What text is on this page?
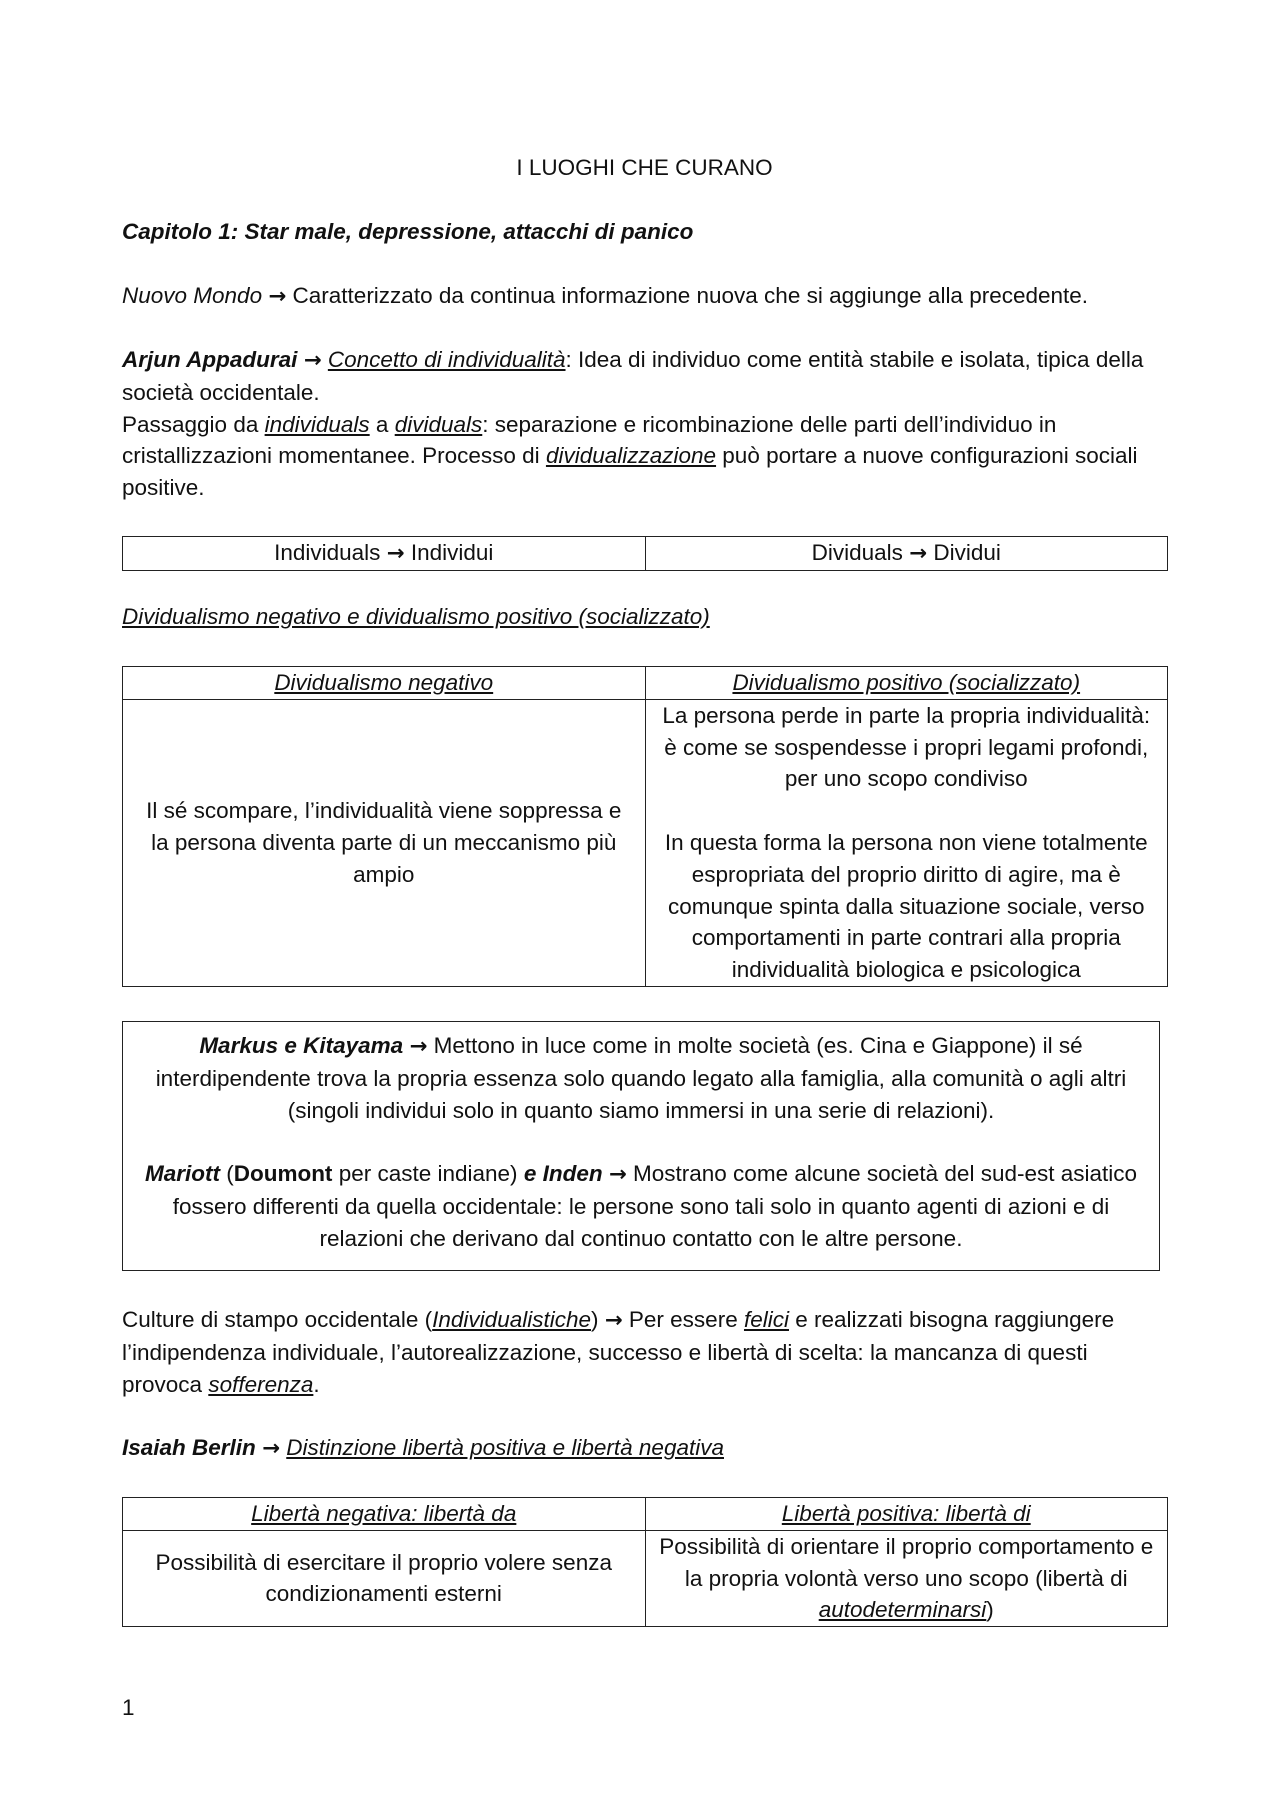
I LUOGHI CHE CURANO

Capitolo 1: Star male, depressione, attacchi di panico

Nuovo Mondo → Caratterizzato da continua informazione nuova che si aggiunge alla precedente.

Arjun Appadurai → Concetto di individualità: Idea di individuo come entità stabile e isolata, tipica della società occidentale.
Passaggio da individuals a dividuals: separazione e ricombinazione delle parti dell’individuo in cristallizzazioni momentanee. Processo di dividualizzazione può portare a nuove configurazioni sociali positive.
Individuals → Individui	Dividuals → Dividui

Dividualismo negativo e dividualismo positivo (socializzato)

Dividualismo negativo	Dividualismo positivo (socializzato)
Il sé scompare, l’individualità viene soppressa e la persona diventa parte di un meccanismo più ampio	La persona perde in parte la propria individualità: è come se sospendesse i propri legami profondi, per uno scopo condiviso
In questa forma la persona non viene totalmente espropriata del proprio diritto di agire, ma è comunque spinta dalla situazione sociale, verso comportamenti in parte contrari alla propria individualità biologica e psicologica
Markus e Kitayama → Mettono in luce come in molte società (es. Cina e Giappone) il sé interdipendente trova la propria essenza solo quando legato alla famiglia, alla comunità o agli altri (singoli individui solo in quanto siamo immersi in una serie di relazioni).
Mariott (Doumont per caste indiane) e Inden → Mostrano come alcune società del sud-est asiatico fossero differenti da quella occidentale: le persone sono tali solo in quanto agenti di azioni e di relazioni che derivano dal continuo contatto con le altre persone.

Culture di stampo occidentale (Individualistiche) → Per essere felici e realizzati bisogna raggiungere l’indipendenza individuale, l’autorealizzazione, successo e libertà di scelta: la mancanza di questi provoca sofferenza.

Isaiah Berlin → Distinzione libertà positiva e libertà negativa

Libertà negativa: libertà da	Libertà positiva: libertà di
Possibilità di esercitare il proprio volere senza condizionamenti esterni	Possibilità di orientare il proprio comportamento e la propria volontà verso uno scopo (libertà di autodeterminarsi)
1
